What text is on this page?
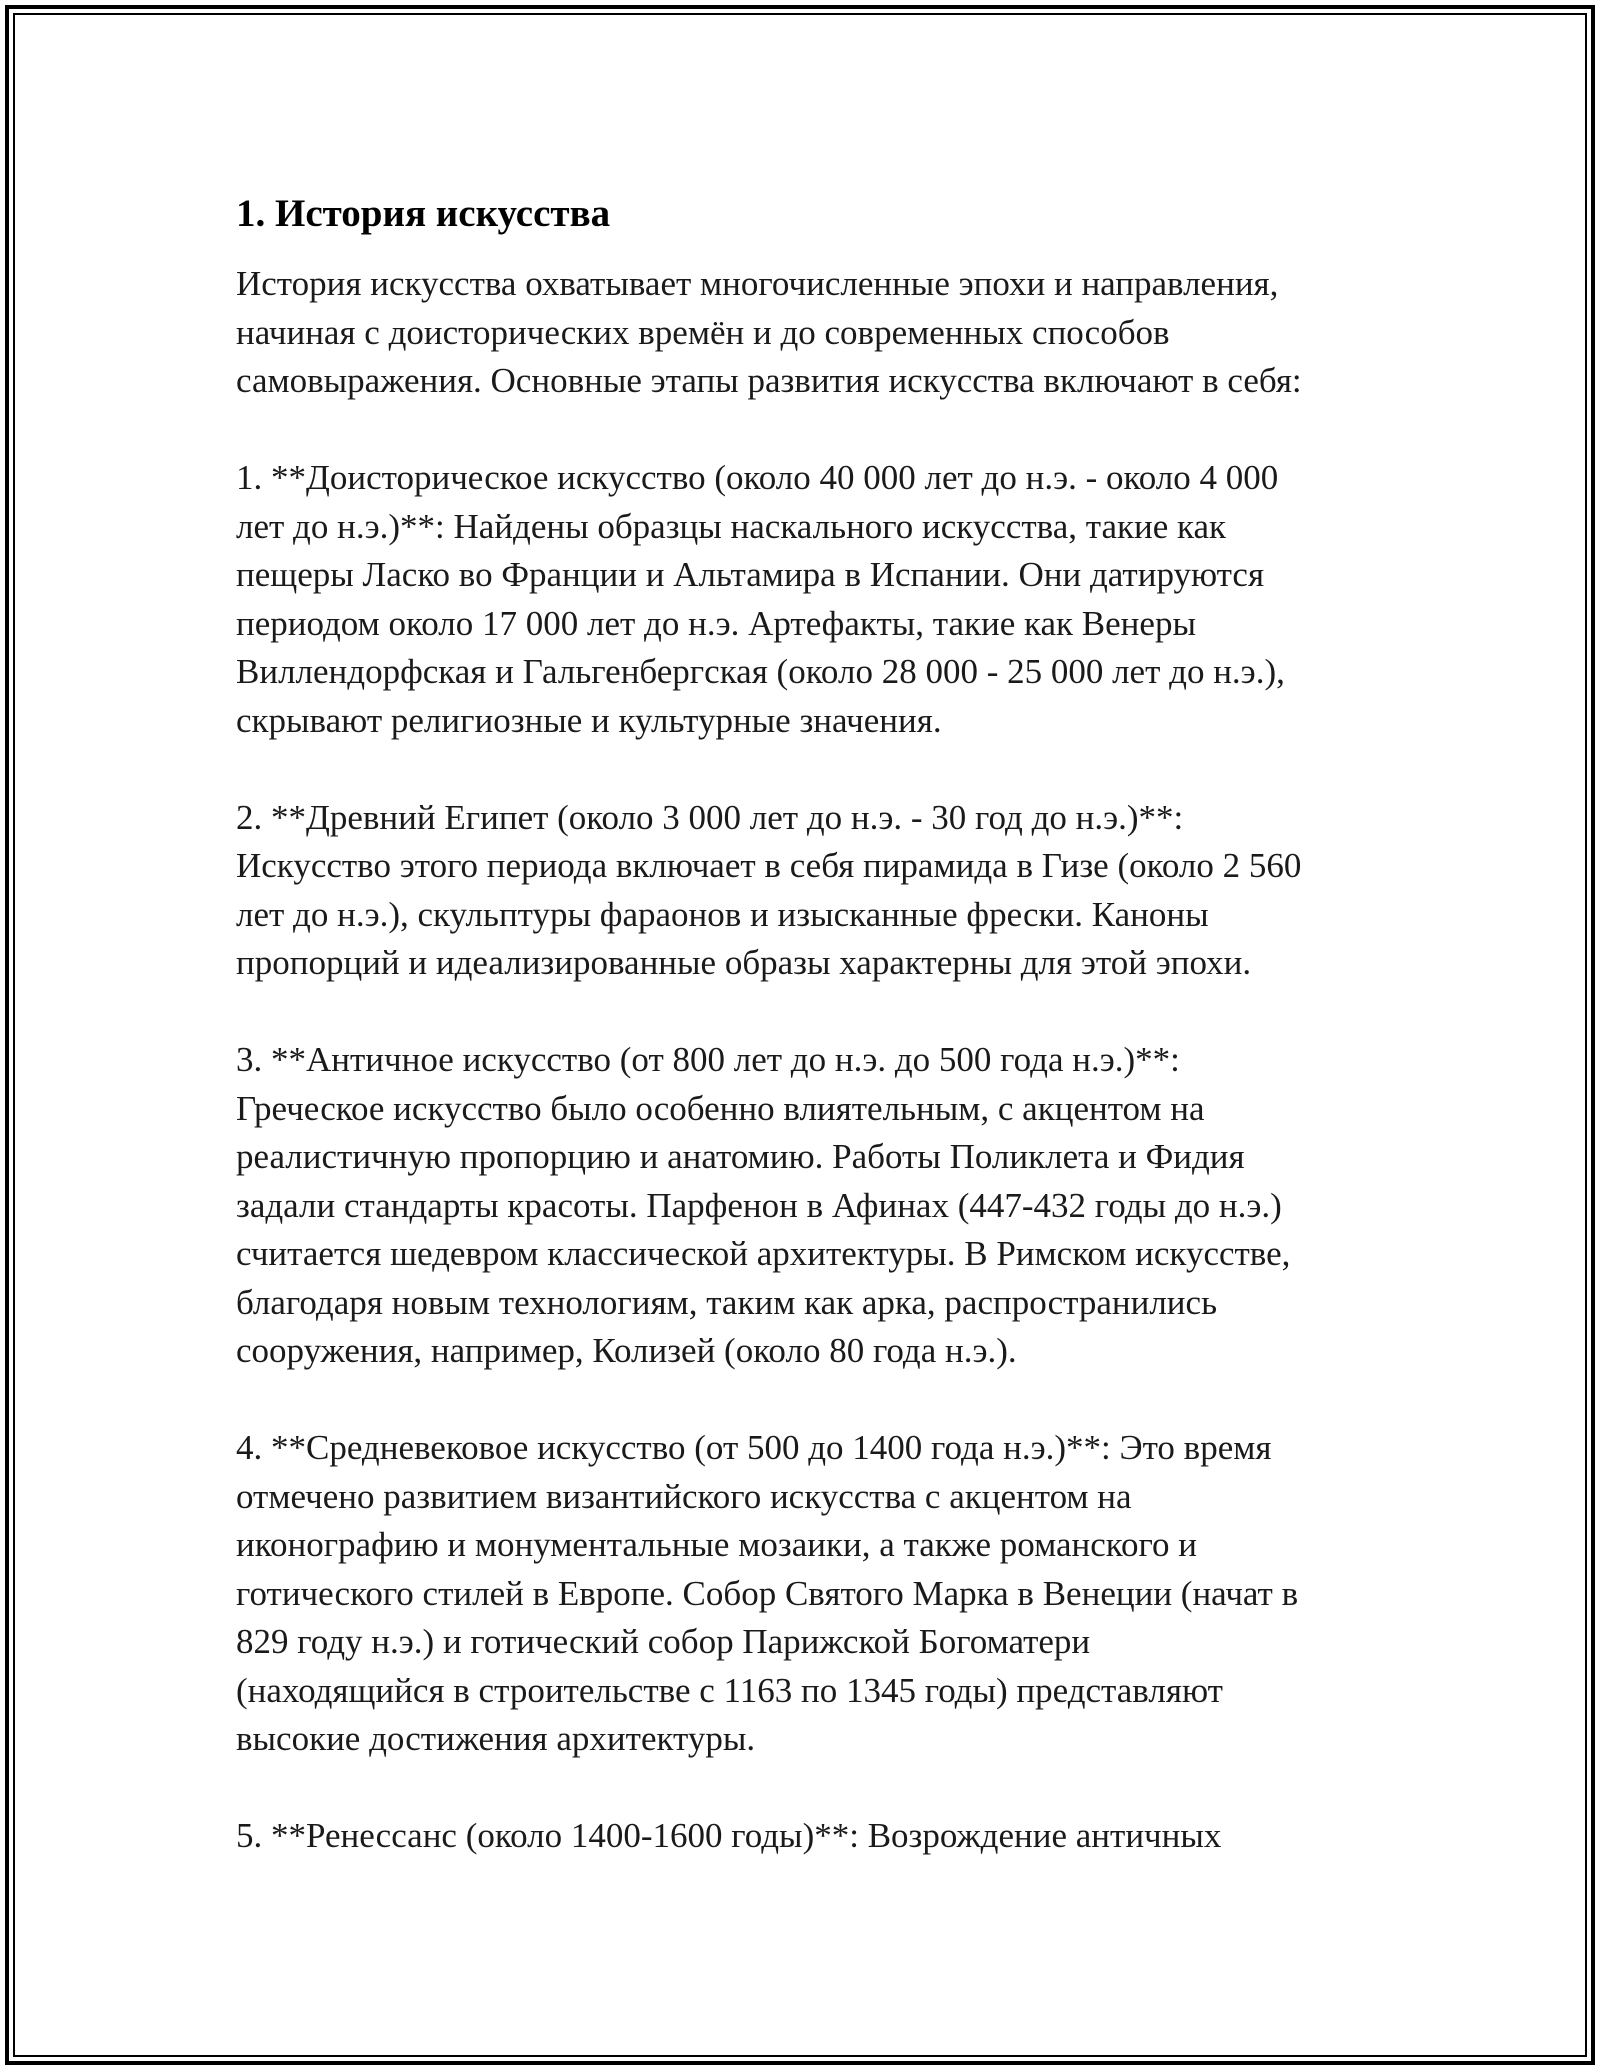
1. История искусства

История искусства охватывает многочисленные эпохи и направления,
начиная с доисторических времён и до современных способов
самовыражения. Основные этапы развития искусства включают в себя:

1. **Доисторическое искусство (около 40 000 лет до н.э. - около 4 000
лет до н.э.)**: Найдены образцы наскального искусства, такие как
пещеры Ласко во Франции и Альтамира в Испании. Они датируются
периодом около 17 000 лет до н.э. Артефакты, такие как Венеры
Виллендорфская и Гальгенбергская (около 28 000 - 25 000 лет до н.э.),
скрывают религиозные и культурные значения.

2. **Древний Египет (около 3 000 лет до н.э. - 30 год до н.э.)**:
Искусство этого периода включает в себя пирамида в Гизе (около 2 560
лет до н.э.), скульптуры фараонов и изысканные фрески. Каноны
пропорций и идеализированные образы характерны для этой эпохи.

3. **Античное искусство (от 800 лет до н.э. до 500 года н.э.)**:
Греческое искусство было особенно влиятельным, с акцентом на
реалистичную пропорцию и анатомию. Работы Поликлета и Фидия
задали стандарты красоты. Парфенон в Афинах (447-432 годы до н.э.)
считается шедевром классической архитектуры. В Римском искусстве,
благодаря новым технологиям, таким как арка, распространились
сооружения, например, Колизей (около 80 года н.э.).

4. **Средневековое искусство (от 500 до 1400 года н.э.)**: Это время
отмечено развитием византийского искусства с акцентом на
иконографию и монументальные мозаики, а также романского и
готического стилей в Европе. Собор Святого Марка в Венеции (начат в
829 году н.э.) и готический собор Парижской Богоматери
(находящийся в строительстве с 1163 по 1345 годы) представляют
высокие достижения архитектуры.

5. **Ренессанс (около 1400-1600 годы)**: Возрождение античных
